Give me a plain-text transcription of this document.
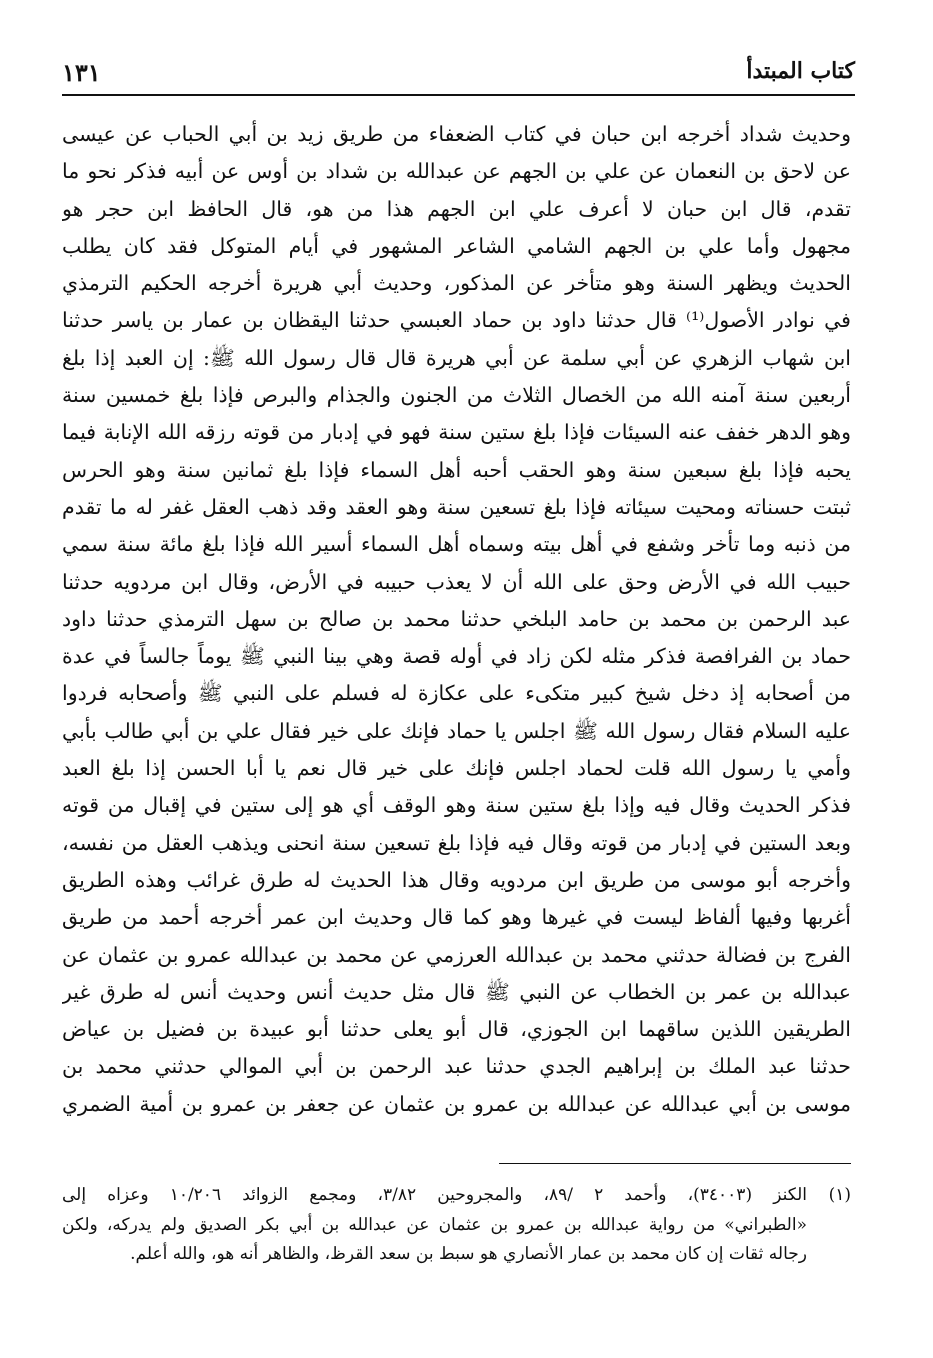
كتاب المبتدأ
١٣١
وحديث شداد أخرجه ابن حبان في كتاب الضعفاء من طريق زيد بن أبي الحباب عن عيسى
عن لاحق بن النعمان عن علي بن الجهم عن عبدالله بن شداد بن أوس عن أبيه فذكر نحو ما
تقدم، قال ابن حبان لا أعرف علي ابن الجهم هذا من هو، قال الحافظ ابن حجر هو
مجهول وأما علي بن الجهم الشامي الشاعر المشهور في أيام المتوكل فقد كان يطلب
الحديث ويظهر السنة وهو متأخر عن المذكور، وحديث أبي هريرة أخرجه الحكيم الترمذي
في نوادر الأصول⁽¹⁾ قال حدثنا داود بن حماد العبسي حدثنا اليقظان بن عمار بن ياسر حدثنا
ابن شهاب الزهري عن أبي سلمة عن أبي هريرة قال قال رسول الله ﷺ: إن العبد إذا بلغ
أربعين سنة آمنه الله من الخصال الثلاث من الجنون والجذام والبرص فإذا بلغ خمسين سنة
وهو الدهر خفف عنه السيئات فإذا بلغ ستين سنة فهو في إدبار من قوته رزقه الله الإنابة فيما
يحبه فإذا بلغ سبعين سنة وهو الحقب أحبه أهل السماء فإذا بلغ ثمانين سنة وهو الحرس
ثبتت حسناته ومحيت سيئاته فإذا بلغ تسعين سنة وهو العقد وقد ذهب العقل غفر له ما تقدم
من ذنبه وما تأخر وشفع في أهل بيته وسماه أهل السماء أسير الله فإذا بلغ مائة سنة سمي
حبيب الله في الأرض وحق على الله أن لا يعذب حبيبه في الأرض، وقال ابن مردويه حدثنا
عبد الرحمن بن محمد بن حامد البلخي حدثنا محمد بن صالح بن سهل الترمذي حدثنا داود
حماد بن الفرافصة فذكر مثله لكن زاد في أوله قصة وهي بينا النبي ﷺ يوماً جالساً في عدة
من أصحابه إذ دخل شيخ كبير متكىء على عكازة له فسلم على النبي ﷺ وأصحابه فردوا
عليه السلام فقال رسول الله ﷺ اجلس يا حماد فإنك على خير فقال علي بن أبي طالب بأبي
وأمي يا رسول الله قلت لحماد اجلس فإنك على خير قال نعم يا أبا الحسن إذا بلغ العبد
فذكر الحديث وقال فيه وإذا بلغ ستين سنة وهو الوقف أي هو إلى ستين في إقبال من قوته
وبعد الستين في إدبار من قوته وقال فيه فإذا بلغ تسعين سنة انحنى ويذهب العقل من نفسه،
وأخرجه أبو موسى من طريق ابن مردويه وقال هذا الحديث له طرق غرائب وهذه الطريق
أغربها وفيها ألفاظ ليست في غيرها وهو كما قال وحديث ابن عمر أخرجه أحمد من طريق
الفرج بن فضالة حدثني محمد بن عبدالله العرزمي عن محمد بن عبدالله عمرو بن عثمان عن
عبدالله بن عمر بن الخطاب عن النبي ﷺ قال مثل حديث أنس وحديث أنس له طرق غير
الطريقين اللذين ساقهما ابن الجوزي، قال أبو يعلى حدثنا أبو عبيدة بن فضيل بن عياض
حدثنا عبد الملك بن إبراهيم الجدي حدثنا عبد الرحمن بن أبي الموالي حدثني محمد بن
موسى بن أبي عبدالله عن عبدالله بن عمرو بن عثمان عن جعفر بن عمرو بن أمية الضمري
(١)
الكنز (٣٤٠٠٣)، وأحمد ٢ /٨٩، والمجروحين ٣/٨٢، ومجمع الزوائد ١٠/٢٠٦ وعزاه إلى
«الطبراني» من رواية عبدالله بن عمرو بن عثمان عن عبدالله بن أبي بكر الصديق ولم يدركه، ولكن
رجاله ثقات إن كان محمد بن عمار الأنصاري هو سبط بن سعد القرظ، والظاهر أنه هو، والله أعلم.
